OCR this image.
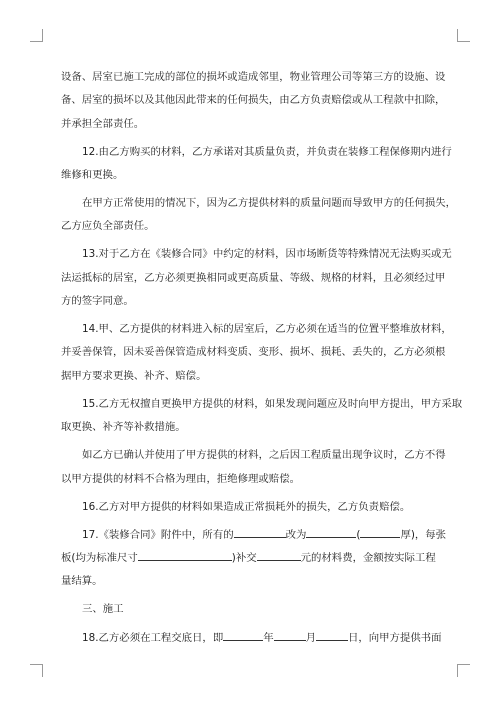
设备、居室已施工完成的部位的损坏或造成邻里，物业管理公司等第三方的设施、设
备、居室的损坏以及其他因此带来的任何损失，由乙方负责赔偿或从工程款中扣除，
并承担全部责任。
12.由乙方购买的材料，乙方承诺对其质量负责，并负责在装修工程保修期内进行
维修和更换。
在甲方正常使用的情况下，因为乙方提供材料的质量问题而导致甲方的任何损失，
乙方应负全部责任。
13.对于乙方在《装修合同》中约定的材料，因市场断货等特殊情况无法购买或无
法运抵标的居室，乙方必须更换相同或更高质量、等级、规格的材料，且必须经过甲
方的签字同意。
14.甲、乙方提供的材料进入标的居室后，乙方必须在适当的位置平整堆放材料，
并妥善保管，因未妥善保管造成材料变质、变形、损坏、损耗、丢失的，乙方必须根
据甲方要求更换、补齐、赔偿。
15.乙方无权擅自更换甲方提供的材料，如果发现问题应及时向甲方提出，甲方采取
取更换、补齐等补救措施。
如乙方已确认并使用了甲方提供的材料，之后因工程质量出现争议时，乙方不得
以甲方提供的材料不合格为理由，拒绝修理或赔偿。
16.乙方对甲方提供的材料如果造成正常损耗外的损失，乙方负责赔偿。
17.《装修合同》附件中，所有的	改为	(	厚)，每张
板(均为标准尺寸	)补交	元的材料费，金额按实际工程
量结算。
三、施工
18.乙方必须在工程交底日，即	年	月	日，向甲方提供书面
